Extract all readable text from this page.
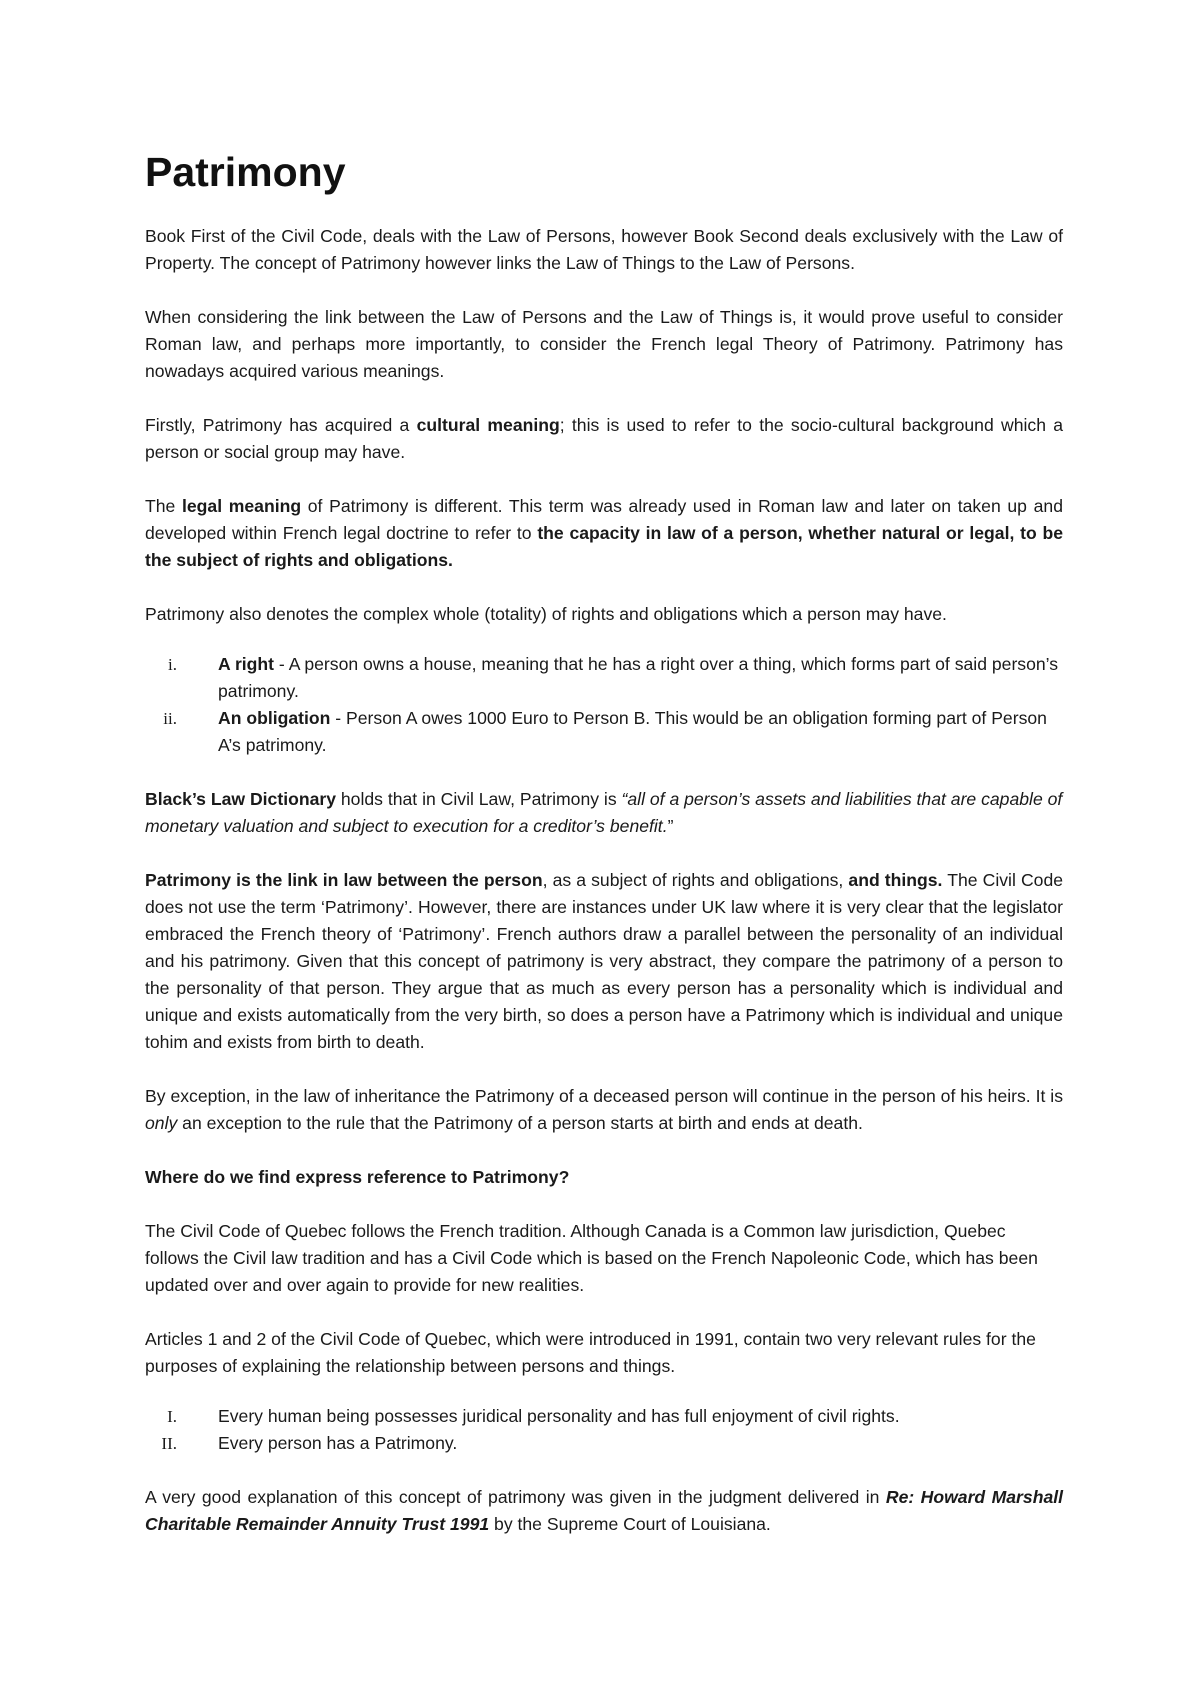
Patrimony

Book First of the Civil Code, deals with the Law of Persons, however Book Second deals exclusively with the Law of Property. The concept of Patrimony however links the Law of Things to the Law of Persons.

When considering the link between the Law of Persons and the Law of Things is, it would prove useful to consider Roman law, and perhaps more importantly, to consider the French legal Theory of Patrimony. Patrimony has nowadays acquired various meanings.

Firstly, Patrimony has acquired a cultural meaning; this is used to refer to the socio-cultural background which a person or social group may have.

The legal meaning of Patrimony is different. This term was already used in Roman law and later on taken up and developed within French legal doctrine to refer to the capacity in law of a person, whether natural or legal, to be the subject of rights and obligations.

Patrimony also denotes the complex whole (totality) of rights and obligations which a person may have.

i. A right - A person owns a house, meaning that he has a right over a thing, which forms part of said person’s patrimony.
ii. An obligation - Person A owes 1000 Euro to Person B. This would be an obligation forming part of Person A’s patrimony.

Black’s Law Dictionary holds that in Civil Law, Patrimony is “all of a person’s assets and liabilities that are capable of monetary valuation and subject to execution for a creditor’s benefit.”

Patrimony is the link in law between the person, as a subject of rights and obligations, and things. The Civil Code does not use the term ‘Patrimony’. However, there are instances under UK law where it is very clear that the legislator embraced the French theory of ‘Patrimony’. French authors draw a parallel between the personality of an individual and his patrimony. Given that this concept of patrimony is very abstract, they compare the patrimony of a person to the personality of that person. They argue that as much as every person has a personality which is individual and unique and exists automatically from the very birth, so does a person have a Patrimony which is individual and unique tohim and exists from birth to death.

By exception, in the law of inheritance the Patrimony of a deceased person will continue in the person of his heirs. It is only an exception to the rule that the Patrimony of a person starts at birth and ends at death.

Where do we find express reference to Patrimony?

The Civil Code of Quebec follows the French tradition. Although Canada is a Common law jurisdiction, Quebec follows the Civil law tradition and has a Civil Code which is based on the French Napoleonic Code, which has been updated over and over again to provide for new realities.

Articles 1 and 2 of the Civil Code of Quebec, which were introduced in 1991, contain two very relevant rules for the purposes of explaining the relationship between persons and things.

I. Every human being possesses juridical personality and has full enjoyment of civil rights.
II. Every person has a Patrimony.

A very good explanation of this concept of patrimony was given in the judgment delivered in Re: Howard Marshall Charitable Remainder Annuity Trust 1991 by the Supreme Court of Louisiana.
